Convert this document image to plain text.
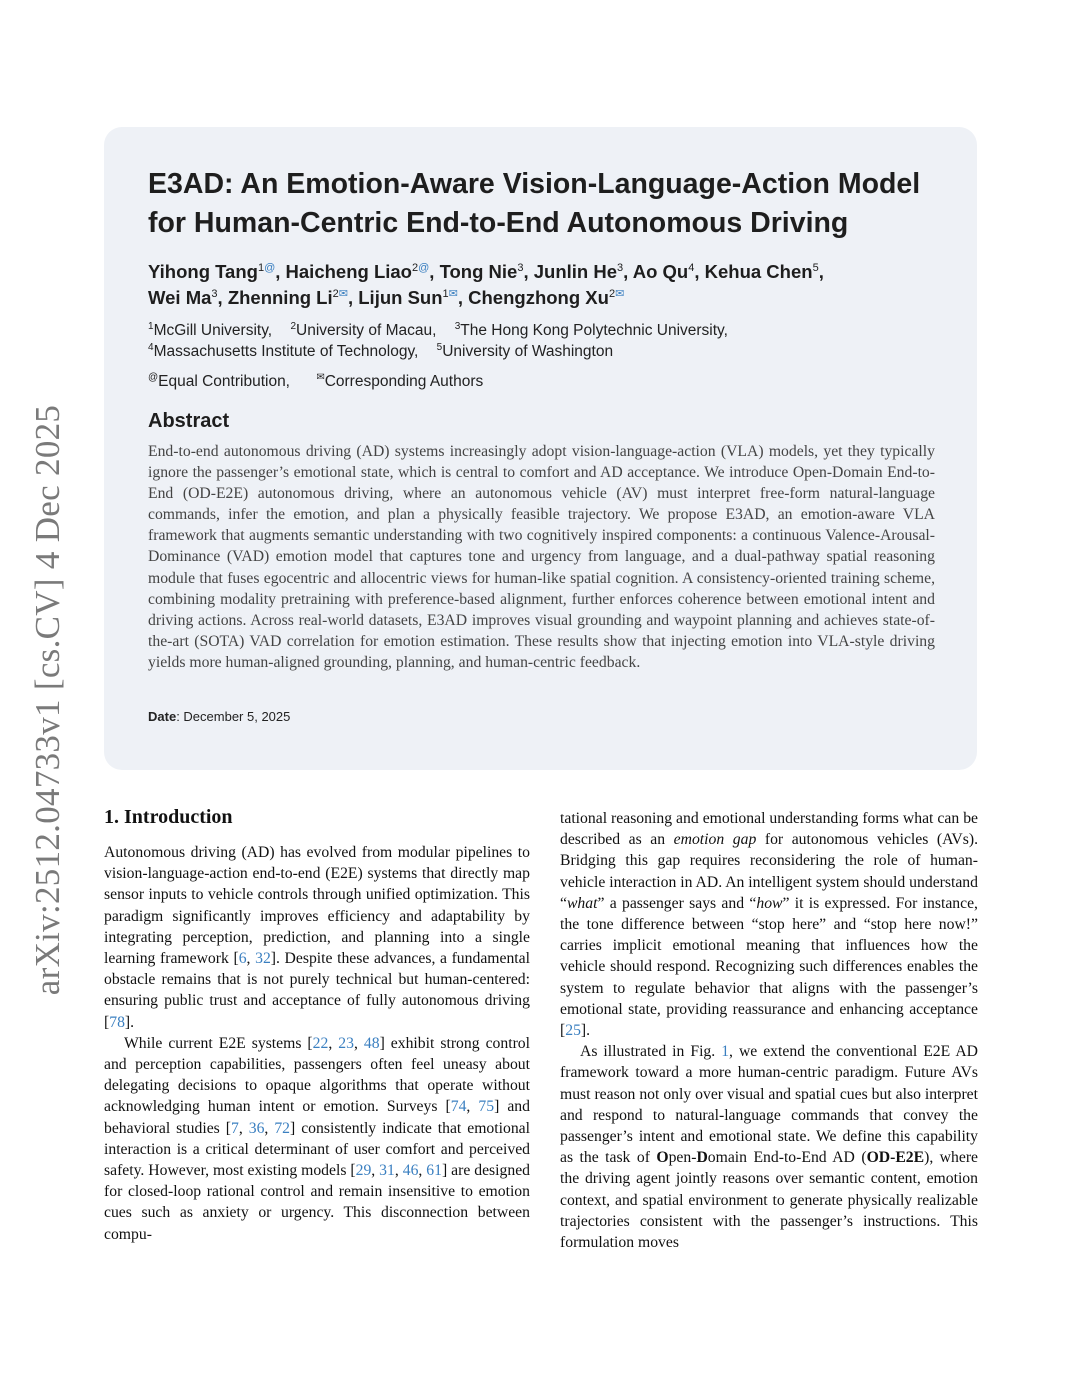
arXiv:2512.04733v1 [cs.CV] 4 Dec 2025
E3AD: An Emotion-Aware Vision-Language-Action Model
for Human-Centric End-to-End Autonomous Driving
Yihong Tang$^{1@}$, Haicheng Liao$^{2@}$, Tong Nie$^3$, Junlin He$^3$, Ao Qu$^4$, Kehua Chen$^5$,
Wei Ma$^3$, Zhenning $Li^{2✉}$, Lijun Sun$^{1✉}$, Chengzhong $Xu^{2✉}$
$^1$McGill University, $^2$University of Macau, $^3$The Hong Kong Polytechnic University,
$^4$Massachusetts Institute of Technology, $^5$University of Washington
@Equal Contribution,	✉Corresponding Authors
Abstract

End-to-end autonomous driving (AD) systems increasingly adopt vision-language-action (VLA) models, yet they typically ignore the passenger’s emotional state, which is central to comfort and AD acceptance. We introduce Open-Domain End-to-End (OD-E2E) autonomous driving, where an autonomous vehicle (AV) must interpret free-form natural-language commands, infer the emotion, and plan a physically feasible trajectory. We propose E3AD, an emotion-aware VLA framework that augments semantic understanding with two cognitively inspired components: a continuous Valence-Arousal-Dominance (VAD) emotion model that captures tone and urgency from language, and a dual-pathway spatial reasoning module that fuses egocentric and allocentric views for human-like spatial cognition. A consistency-oriented training scheme, combining modality pretraining with preference-based alignment, further enforces coherence between emotional intent and driving actions. Across real-world datasets, E3AD improves visual grounding and waypoint planning and achieves state-of-the-art (SOTA) VAD correlation for emotion estimation. These results show that injecting emotion into VLA-style driving yields more human-aligned grounding, planning, and human-centric feedback.

Date: December 5, 2025
1. Introduction

Autonomous driving (AD) has evolved from modular pipelines to vision-language-action end-to-end (E2E) systems that directly map sensor inputs to vehicle controls through unified optimization. This paradigm significantly improves efficiency and adaptability by integrating perception, prediction, and planning into a single learning framework [6, 32]. Despite these advances, a fundamental obstacle remains that is not purely technical but human-centered: ensuring public trust and acceptance of fully autonomous driving [78].

While current E2E systems [22, 23, 48] exhibit strong control and perception capabilities, passengers often feel uneasy about delegating decisions to opaque algorithms that operate without acknowledging human intent or emotion. Surveys [74, 75] and behavioral studies [7, 36, 72] consistently indicate that emotional interaction is a critical determinant of user comfort and perceived safety. However, most existing models [29, 31, 46, 61] are designed for closed-loop rational control and remain insensitive to emotion cues such as anxiety or urgency. This disconnection between compu-

tational reasoning and emotional understanding forms what can be described as an emotion gap for autonomous vehicles (AVs). Bridging this gap requires reconsidering the role of human-vehicle interaction in AD. An intelligent system should understand “what” a passenger says and “how” it is expressed. For instance, the tone difference between “stop here” and “stop here now!” carries implicit emotional meaning that influences how the vehicle should respond. Recognizing such differences enables the system to regulate behavior that aligns with the passenger’s emotional state, providing reassurance and enhancing acceptance [25].

As illustrated in Fig. 1, we extend the conventional E2E AD framework toward a more human-centric paradigm. Future AVs must reason not only over visual and spatial cues but also interpret and respond to natural-language commands that convey the passenger’s intent and emotional state. We define this capability as the task of Open-Domain End-to-End AD (OD-E2E), where the driving agent jointly reasons over semantic content, emotion context, and spatial environment to generate physically realizable trajectories consistent with the passenger’s instructions. This formulation moves
